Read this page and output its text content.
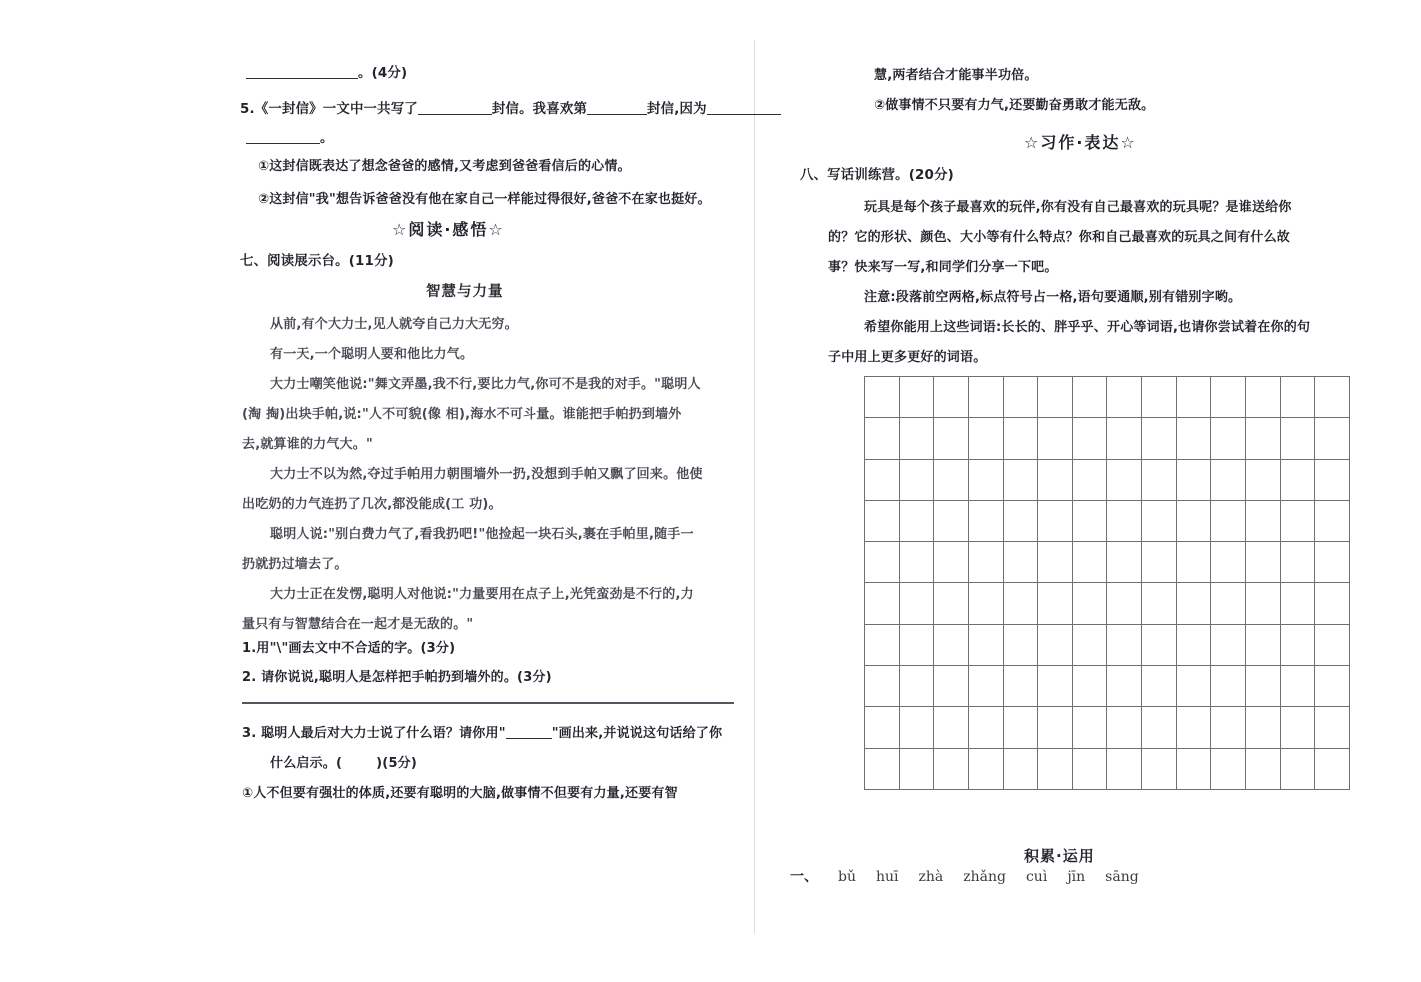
。(4分)
5.《一封信》一文中一共写了	封信。我喜欢第	封信,因为
。
①这封信既表达了想念爸爸的感情,又考虑到爸爸看信后的心情。
②这封信"我"想告诉爸爸没有他在家自己一样能过得很好,爸爸不在家也挺好。
☆阅读·感悟☆
七、阅读展示台。(11分)
智慧与力量
从前,有个大力士,见人就夸自己力大无穷。
有一天,一个聪明人要和他比力气。
大力士嘲笑他说:"舞文弄墨,我不行,要比力气,你可不是我的对手。"聪明人
(淘 掏)出块手帕,说:"人不可貌(像 相),海水不可斗量。谁能把手帕扔到墙外
去,就算谁的力气大。"
大力士不以为然,夺过手帕用力朝围墙外一扔,没想到手帕又飘了回来。他使
出吃奶的力气连扔了几次,都没能成(工 功)。
聪明人说:"别白费力气了,看我扔吧!"他捡起一块石头,裹在手帕里,随手一
扔就扔过墙去了。
大力士正在发愣,聪明人对他说:"力量要用在点子上,光凭蛮劲是不行的,力
量只有与智慧结合在一起才是无敌的。"
1.用"\"画去文中不合适的字。(3分)
2. 请你说说,聪明人是怎样把手帕扔到墙外的。(3分)
3. 聪明人最后对大力士说了什么语？请你用"	"画出来,并说说这句话给了你
什么启示。(	)(5分)
①人不但要有强壮的体质,还要有聪明的大脑,做事情不但要有力量,还要有智
慧,两者结合才能事半功倍。
②做事情不只要有力气,还要勤奋勇敢才能无敌。
☆习作·表达☆
八、写话训练营。(20分)
玩具是每个孩子最喜欢的玩伴,你有没有自己最喜欢的玩具呢？是谁送给你
的？它的形状、颜色、大小等有什么特点？你和自己最喜欢的玩具之间有什么故
事？快来写一写,和同学们分享一下吧。
注意:段落前空两格,标点符号占一格,语句要通顺,别有错别字哟。
希望你能用上这些词语:长长的、胖乎乎、开心等词语,也请你尝试着在你的句
子中用上更多更好的词语。

积累·运用
一、 bǔ huī zhà zhǎng cuì jīn sāng
